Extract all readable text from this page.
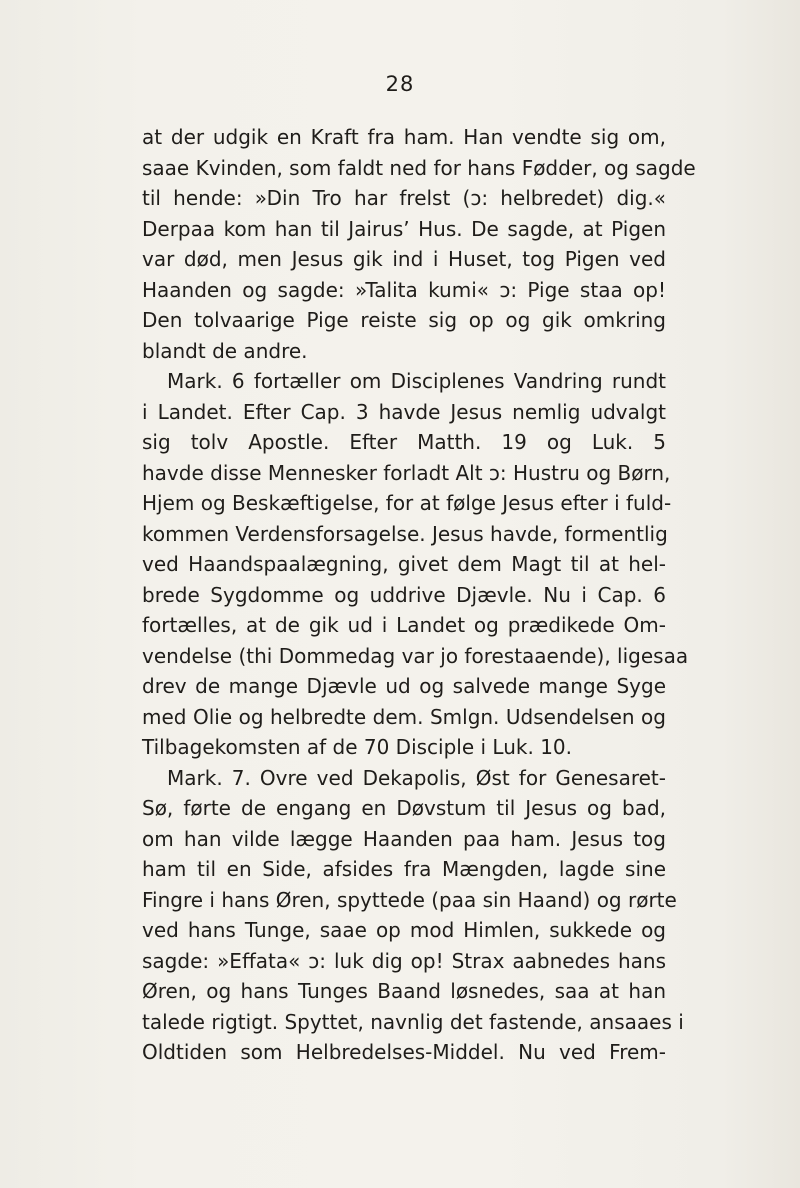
28
at der udgik en Kraft fra ham. Han vendte sig om,
saae Kvinden, som faldt ned for hans Fødder, og sagde
til hende: »Din Tro har frelst (ɔ: helbredet) dig.«
Derpaa kom han til Jairus’ Hus. De sagde, at Pigen
var død, men Jesus gik ind i Huset, tog Pigen ved
Haanden og sagde: »Talita kumi« ɔ: Pige staa op!
Den tolvaarige Pige reiste sig op og gik omkring
blandt de andre.
Mark. 6 fortæller om Disciplenes Vandring rundt
i Landet. Efter Cap. 3 havde Jesus nemlig udvalgt
sig tolv Apostle. Efter Matth. 19 og Luk. 5
havde disse Mennesker forladt Alt ɔ: Hustru og Børn,
Hjem og Beskæftigelse, for at følge Jesus efter i fuld-
kommen Verdensforsagelse. Jesus havde, formentlig
ved Haandspaalægning, givet dem Magt til at hel-
brede Sygdomme og uddrive Djævle. Nu i Cap. 6
fortælles, at de gik ud i Landet og prædikede Om-
vendelse (thi Dommedag var jo forestaaende), ligesaa
drev de mange Djævle ud og salvede mange Syge
med Olie og helbredte dem. Smlgn. Udsendelsen og
Tilbagekomsten af de 70 Disciple i Luk. 10.
Mark. 7. Ovre ved Dekapolis, Øst for Genesaret-
Sø, førte de engang en Døvstum til Jesus og bad,
om han vilde lægge Haanden paa ham. Jesus tog
ham til en Side, afsides fra Mængden, lagde sine
Fingre i hans Øren, spyttede (paa sin Haand) og rørte
ved hans Tunge, saae op mod Himlen, sukkede og
sagde: »Effata« ɔ: luk dig op! Strax aabnedes hans
Øren, og hans Tunges Baand løsnedes, saa at han
talede rigtigt. Spyttet, navnlig det fastende, ansaaes i
Oldtiden som Helbredelses-Middel. Nu ved Frem-
